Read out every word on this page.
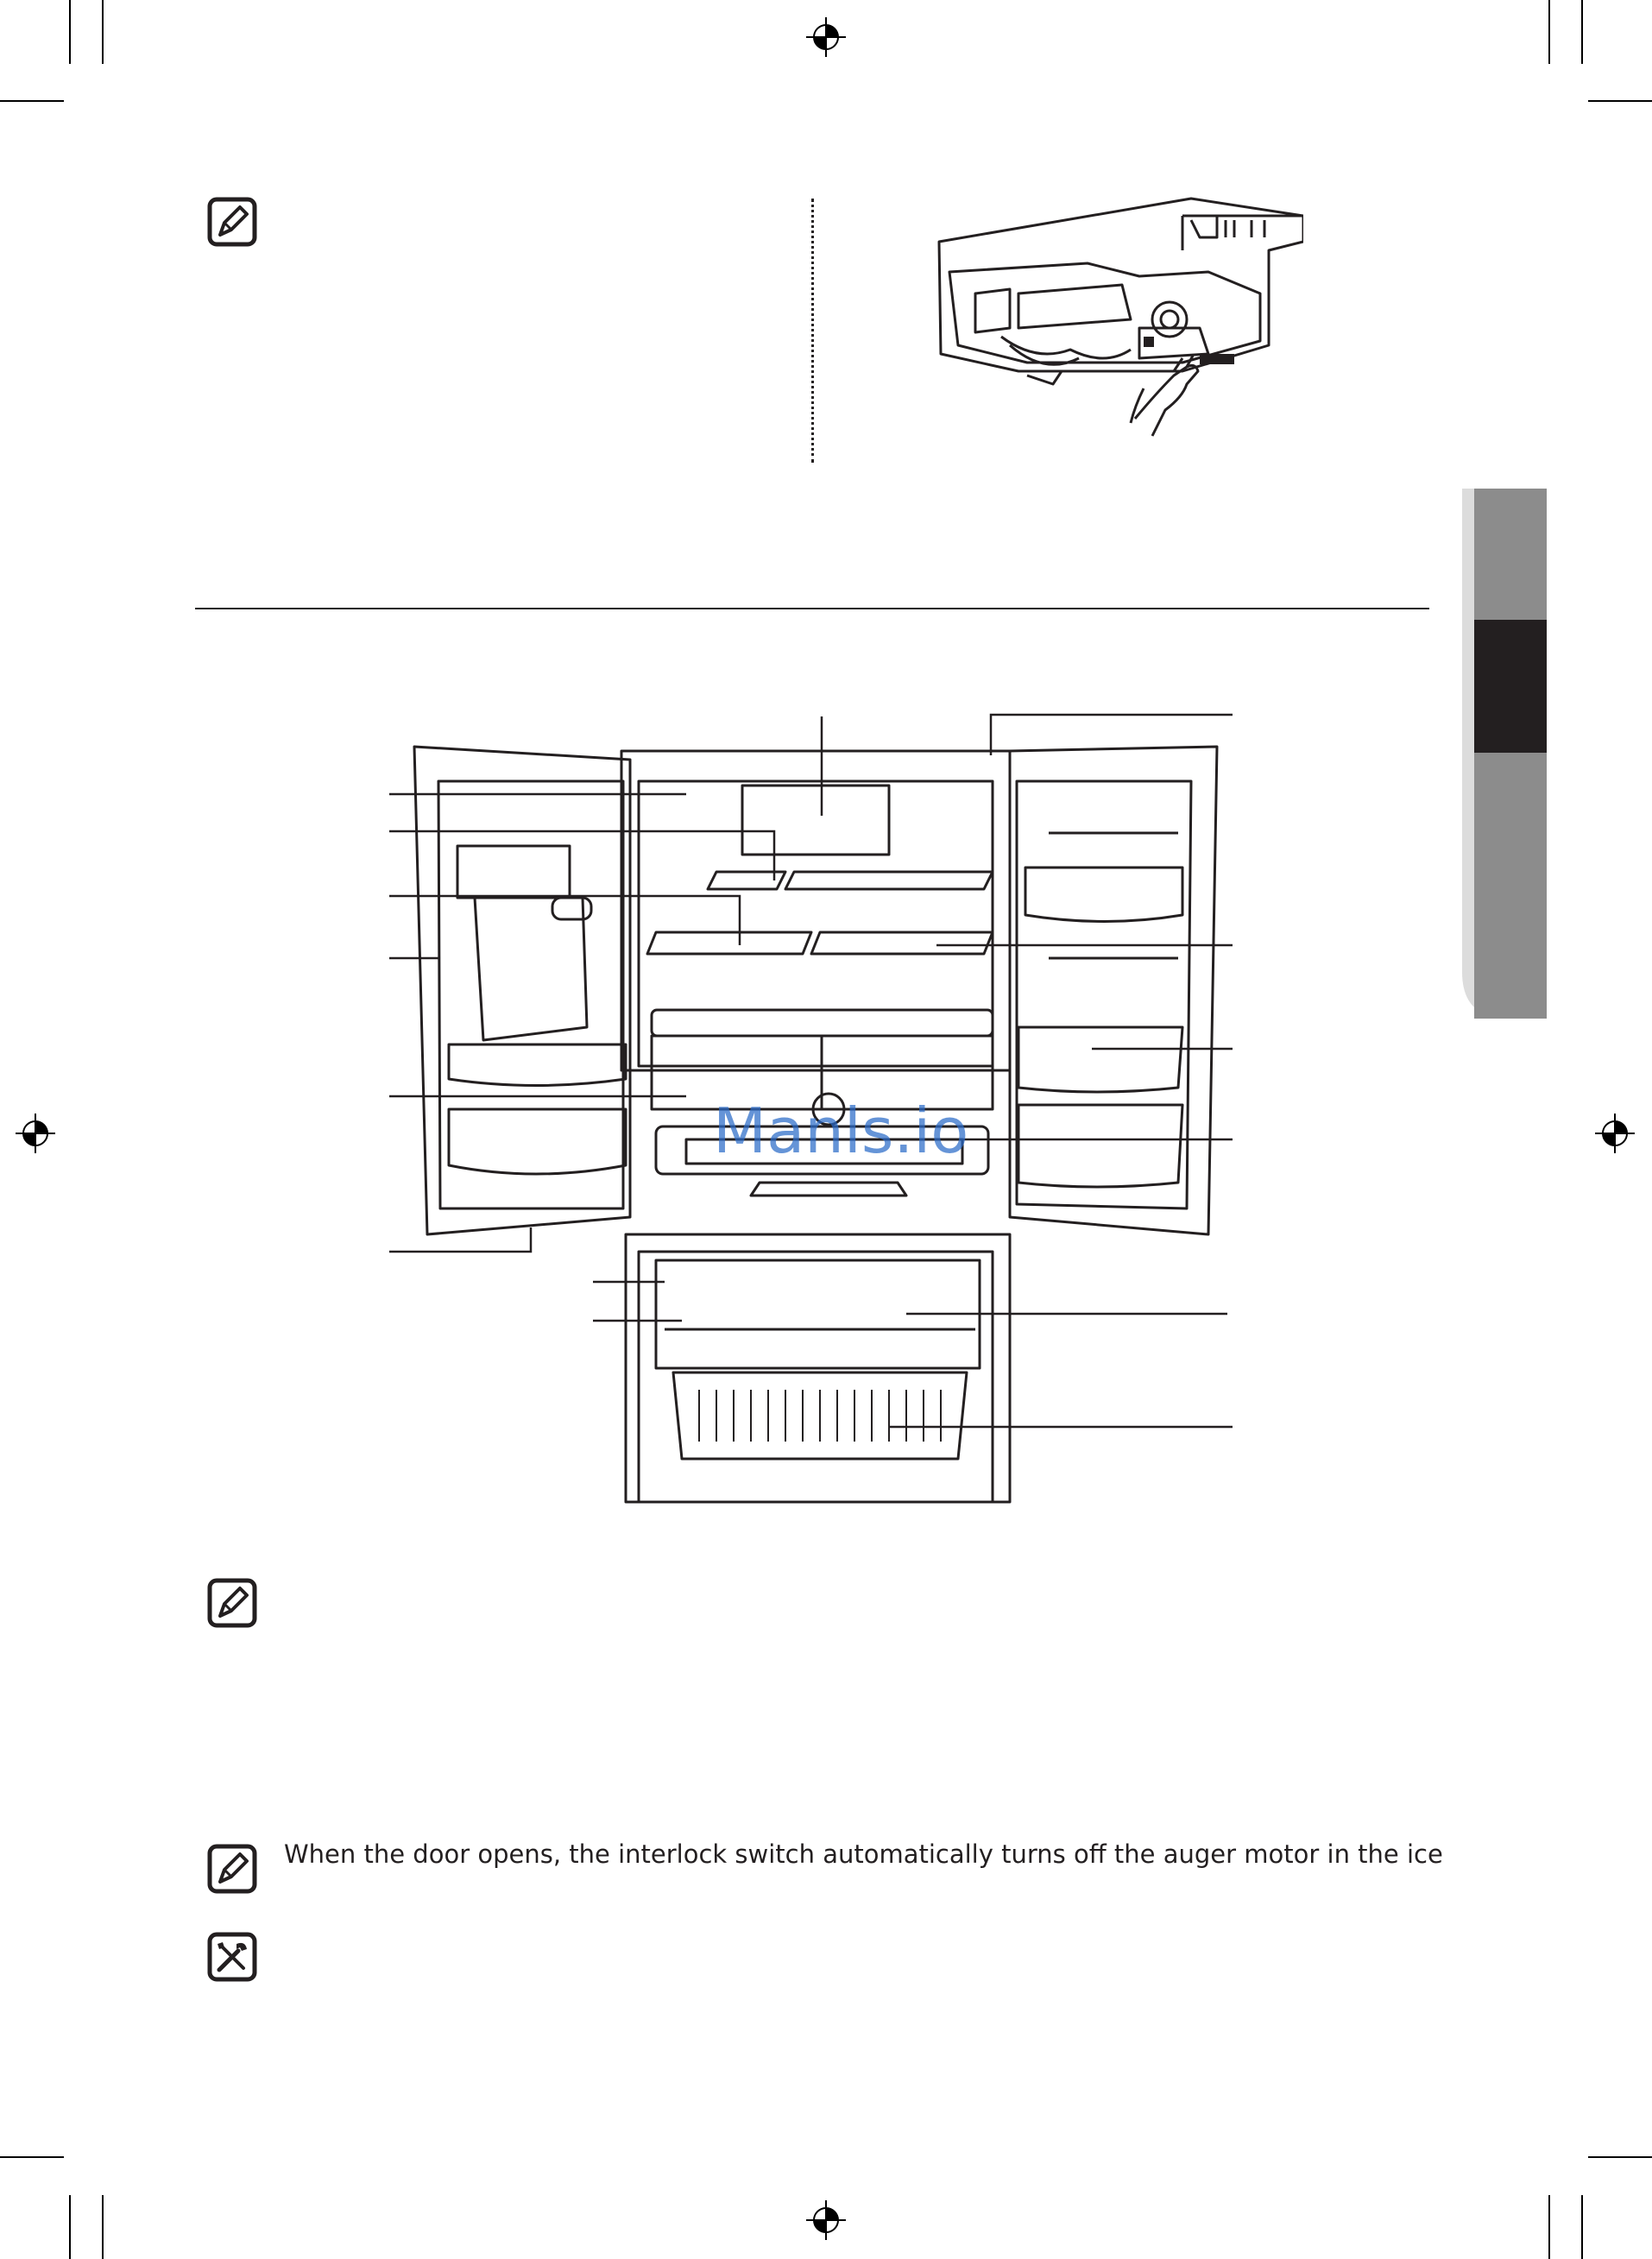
Manls.io
When the door opens, the interlock switch automatically turns off the auger motor in the ice
